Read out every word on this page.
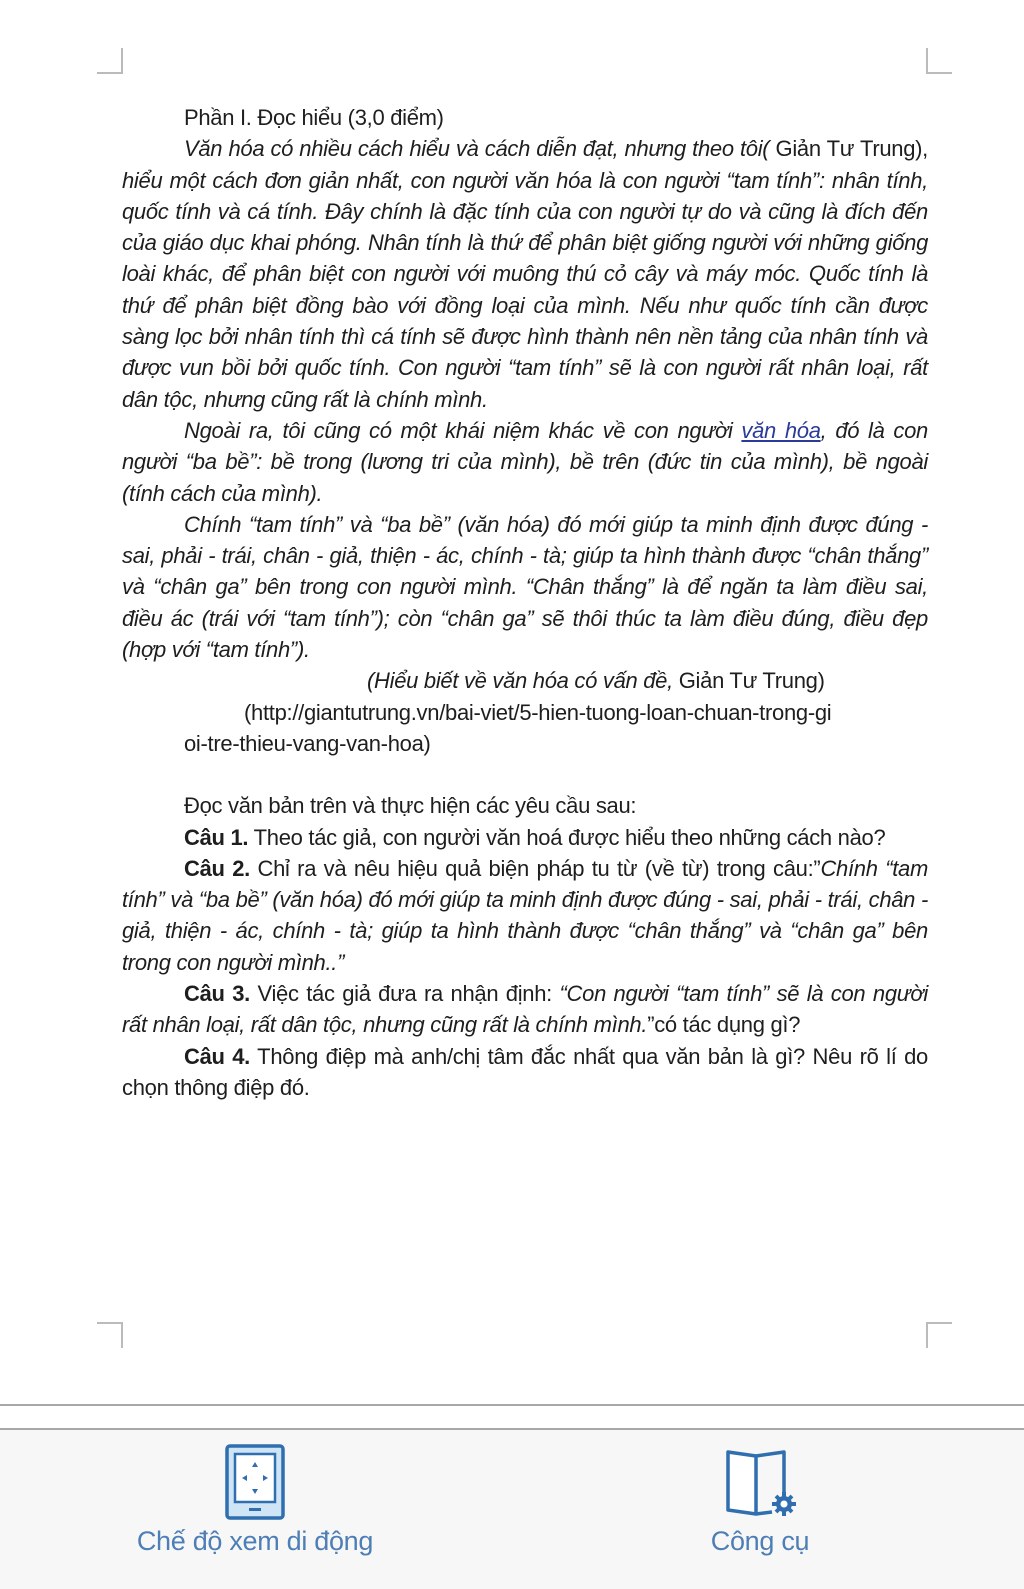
Phần I. Đọc hiểu (3,0 điểm)

Văn hóa có nhiều cách hiểu và cách diễn đạt, nhưng theo tôi( Giản Tư Trung), hiểu một cách đơn giản nhất, con người văn hóa là con người “tam tính”: nhân tính, quốc tính và cá tính. Đây chính là đặc tính của con người tự do và cũng là đích đến của giáo dục khai phóng. Nhân tính là thứ để phân biệt giống người với những giống loài khác, để phân biệt con người với muông thú cỏ cây và máy móc. Quốc tính là thứ để phân biệt đồng bào với đồng loại của mình. Nếu như quốc tính cần được sàng lọc bởi nhân tính thì cá tính sẽ được hình thành nên nền tảng của nhân tính và được vun bồi bởi quốc tính. Con người “tam tính” sẽ là con người rất nhân loại, rất dân tộc, nhưng cũng rất là chính mình.

Ngoài ra, tôi cũng có một khái niệm khác về con người văn hóa, đó là con người “ba bề”: bề trong (lương tri của mình), bề trên (đức tin của mình), bề ngoài (tính cách của mình).

Chính “tam tính” và “ba bề” (văn hóa) đó mới giúp ta minh định được đúng - sai, phải - trái, chân - giả, thiện - ác, chính - tà; giúp ta hình thành được “chân thắng” và “chân ga” bên trong con người mình. “Chân thắng” là để ngăn ta làm điều sai, điều ác (trái với “tam tính”); còn “chân ga” sẽ thôi thúc ta làm điều đúng, điều đẹp (hợp với “tam tính”).

(Hiểu biết về văn hóa có vấn đề, Giản Tư Trung)

(http://giantutrung.vn/bai-viet/5-hien-tuong-loan-chuan-trong-gi

oi-tre-thieu-vang-van-hoa)

Đọc văn bản trên và thực hiện các yêu cầu sau:

Câu 1. Theo tác giả, con người văn hoá được hiểu theo những cách nào?

Câu 2. Chỉ ra và nêu hiệu quả biện pháp tu từ (về từ) trong câu:”Chính “tam tính” và “ba bề” (văn hóa) đó mới giúp ta minh định được đúng - sai, phải - trái, chân - giả, thiện - ác, chính - tà; giúp ta hình thành được “chân thắng” và “chân ga” bên trong con người mình..”

Câu 3. Việc tác giả đưa ra nhận định: “Con người “tam tính” sẽ là con người rất nhân loại, rất dân tộc, nhưng cũng rất là chính mình.”có tác dụng gì?

Câu 4. Thông điệp mà anh/chị tâm đắc nhất qua văn bản là gì? Nêu rõ lí do chọn thông điệp đó.

Chế độ xem di động	Công cụ
